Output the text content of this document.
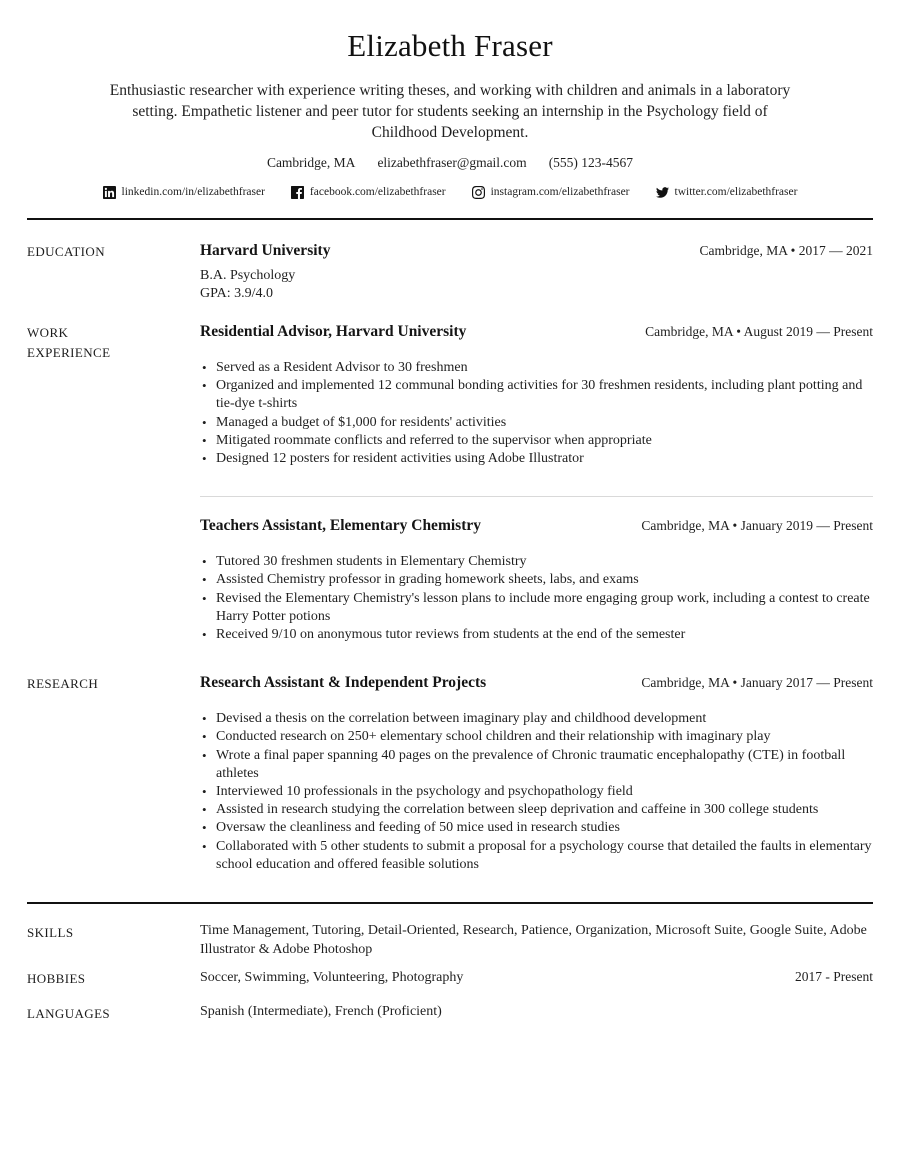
Elizabeth Fraser

Enthusiastic researcher with experience writing theses, and working with children and animals in a laboratory setting. Empathetic listener and peer tutor for students seeking an internship in the Psychology field of Childhood Development.

Cambridge, MA elizabethfraser@gmail.com (555) 123-4567
linkedin.com/in/elizabethfraser	facebook.com/elizabethfraser	instagram.com/elizabethfraser	twitter.com/elizabethfraser
EDUCATION	Harvard University	Cambridge, MA • 2017 — 2021
B.A. Psychology
GPA: 3.9/4.0
WORK EXPERIENCE
Residential Advisor, Harvard University	Cambridge, MA • August 2019 — Present
• Served as a Resident Advisor to 30 freshmen
• Organized and implemented 12 communal bonding activities for 30 freshmen residents, including plant potting and tie-dye t-shirts
• Managed a budget of $1,000 for residents' activities
• Mitigated roommate conflicts and referred to the supervisor when appropriate
• Designed 12 posters for resident activities using Adobe Illustrator
Teachers Assistant, Elementary Chemistry	Cambridge, MA • January 2019 — Present
• Tutored 30 freshmen students in Elementary Chemistry
• Assisted Chemistry professor in grading homework sheets, labs, and exams
• Revised the Elementary Chemistry's lesson plans to include more engaging group work, including a contest to create Harry Potter potions
• Received 9/10 on anonymous tutor reviews from students at the end of the semester
RESEARCH	Research Assistant & Independent Projects	Cambridge, MA • January 2017 — Present
• Devised a thesis on the correlation between imaginary play and childhood development
• Conducted research on 250+ elementary school children and their relationship with imaginary play
• Wrote a final paper spanning 40 pages on the prevalence of Chronic traumatic encephalopathy (CTE) in football athletes
• Interviewed 10 professionals in the psychology and psychopathology field
• Assisted in research studying the correlation between sleep deprivation and caffeine in 300 college students
• Oversaw the cleanliness and feeding of 50 mice used in research studies
• Collaborated with 5 other students to submit a proposal for a psychology course that detailed the faults in elementary school education and offered feasible solutions
SKILLS	Time Management, Tutoring, Detail-Oriented, Research, Patience, Organization, Microsoft Suite, Google Suite, Adobe Illustrator & Adobe Photoshop
HOBBIES	Soccer, Swimming, Volunteering, Photography	2017 - Present
LANGUAGES	Spanish (Intermediate), French (Proficient)
